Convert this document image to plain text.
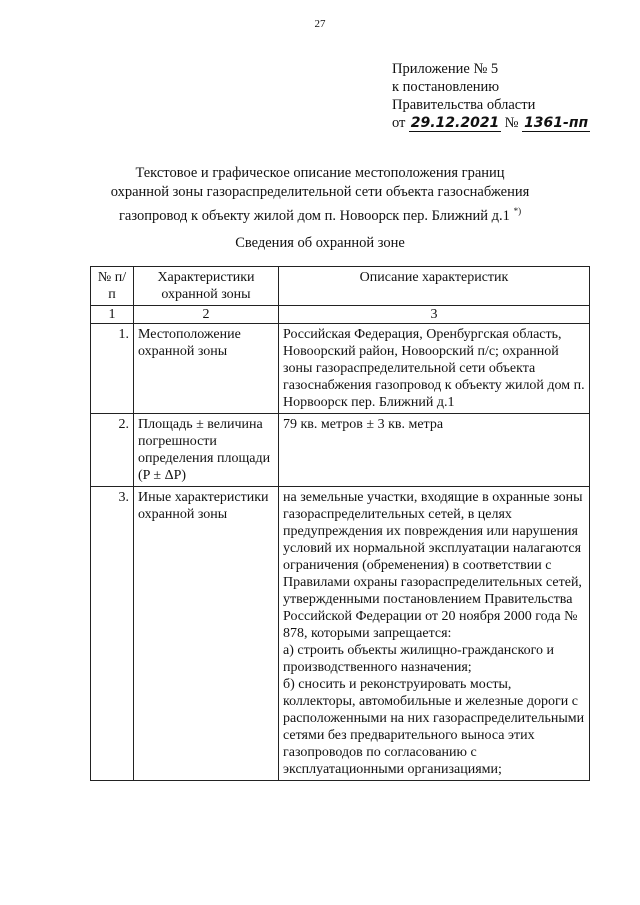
27
Приложение № 5
к постановлению
Правительства области
от 29.12.2021 № 1361-пп
Текстовое и графическое описание местоположения границ
охранной зоны газораспределительной сети объекта газоснабжения
газопровод к объекту жилой дом п. Новоорск пер. Ближний д.1 *)
Сведения об охранной зоне
№ п/п	Характеристики охранной зоны	Описание характеристик
1	2	3
1.	Местоположение охранной зоны	Российская Федерация, Оренбургская область, Новоорский район, Новоорский п/с; охранной зоны газораспределительной сети объекта газоснабжения газопровод к объекту жилой дом п. Норвоорск пер. Ближний д.1
2.	Площадь ± величина погрешности определения площади (P ± ΔP)	79 кв. метров ± 3 кв. метра
3.	Иные характеристики охранной зоны	на земельные участки, входящие в охранные зоны газораспределительных сетей, в целях предупреждения их повреждения или нарушения условий их нормальной эксплуатации налагаются ограничения (обременения) в соответствии с Правилами охраны газораспределительных сетей, утвержденными постановлением Правительства Российской Федерации от 20 ноября 2000 года № 878, которыми запрещается:
а) строить объекты жилищно-гражданского и производственного назначения;
б) сносить и реконструировать мосты, коллекторы, автомобильные и железные дороги с расположенными на них газораспределительными сетями без предварительного выноса этих газопроводов по согласованию с эксплуатационными организациями;
